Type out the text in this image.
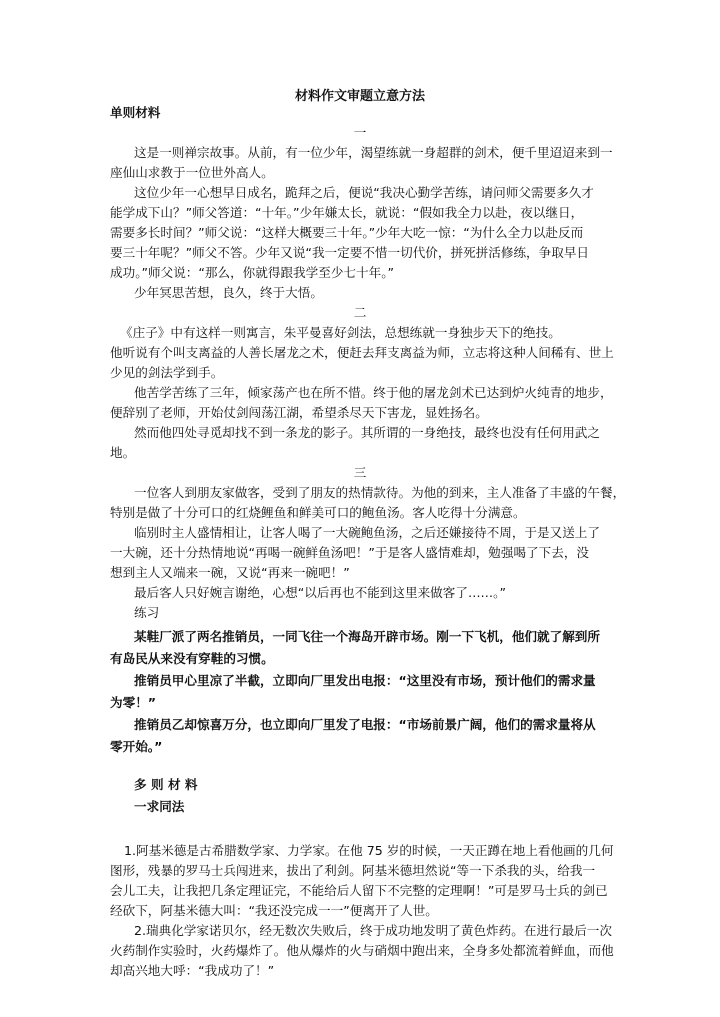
材料作文审题立意方法
单则材料
一
这是一则禅宗故事。从前，有一位少年，渴望练就一身超群的剑术，便千里迢迢来到一
座仙山求教于一位世外高人。
这位少年一心想早日成名，跪拜之后，便说“我决心勤学苦练，请问师父需要多久才
能学成下山？”师父答道：“十年。”少年嫌太长，就说：“假如我全力以赴，夜以继日，
需要多长时间？”师父说：“这样大概要三十年。”少年大吃一惊：“为什么全力以赴反而
要三十年呢？”师父不答。少年又说“我一定要不惜一切代价，拼死拼活修练，争取早日
成功。”师父说：“那么，你就得跟我学至少七十年。”
少年冥思苦想，良久，终于大悟。
二
《庄子》中有这样一则寓言，朱平曼喜好剑法，总想练就一身独步天下的绝技。
他听说有个叫支离益的人善长屠龙之术，便赶去拜支离益为师，立志将这种人间稀有、世上
少见的剑法学到手。
他苦学苦练了三年，倾家荡产也在所不惜。终于他的屠龙剑术已达到炉火纯青的地步，
便辞别了老师，开始仗剑闯荡江湖，希望杀尽天下害龙，显姓扬名。
然而他四处寻觅却找不到一条龙的影子。其所谓的一身绝技，最终也没有任何用武之
地。
三
一位客人到朋友家做客，受到了朋友的热情款待。为他的到来，主人准备了丰盛的午餐，
特别是做了十分可口的红烧鲤鱼和鲜美可口的鲍鱼汤。客人吃得十分满意。
临别时主人盛情相让，让客人喝了一大碗鲍鱼汤，之后还嫌接待不周，于是又送上了
一大碗，还十分热情地说“再喝一碗鲜鱼汤吧！”于是客人盛情难却，勉强喝了下去，没
想到主人又端来一碗，又说“再来一碗吧！”
最后客人只好婉言谢绝，心想“以后再也不能到这里来做客了……。”
练习
某鞋厂派了两名推销员，一同飞往一个海岛开辟市场。刚一下飞机，他们就了解到所
有岛民从来没有穿鞋的习惯。
推销员甲心里凉了半截，立即向厂里发出电报：“这里没有市场，预计他们的需求量
为零！”
推销员乙却惊喜万分，也立即向厂里发了电报：“市场前景广阔，他们的需求量将从
零开始。”
多 则 材 料
一求同法
1.阿基米德是古希腊数学家、力学家。在他 75 岁的时候，一天正蹲在地上看他画的几何
图形，残暴的罗马士兵闯进来，拔出了利剑。阿基米德坦然说“等一下杀我的头，给我一
会儿工夫，让我把几条定理证完，不能给后人留下不完整的定理啊！”可是罗马士兵的剑已
经砍下，阿基米德大叫：“我还没完成一一”便离开了人世。
2.瑞典化学家诺贝尔，经无数次失败后，终于成功地发明了黄色炸药。在进行最后一次
火药制作实验时，火药爆炸了。他从爆炸的火与硝烟中跑出来，全身多处都流着鲜血，而他
却高兴地大呼：“我成功了！”
